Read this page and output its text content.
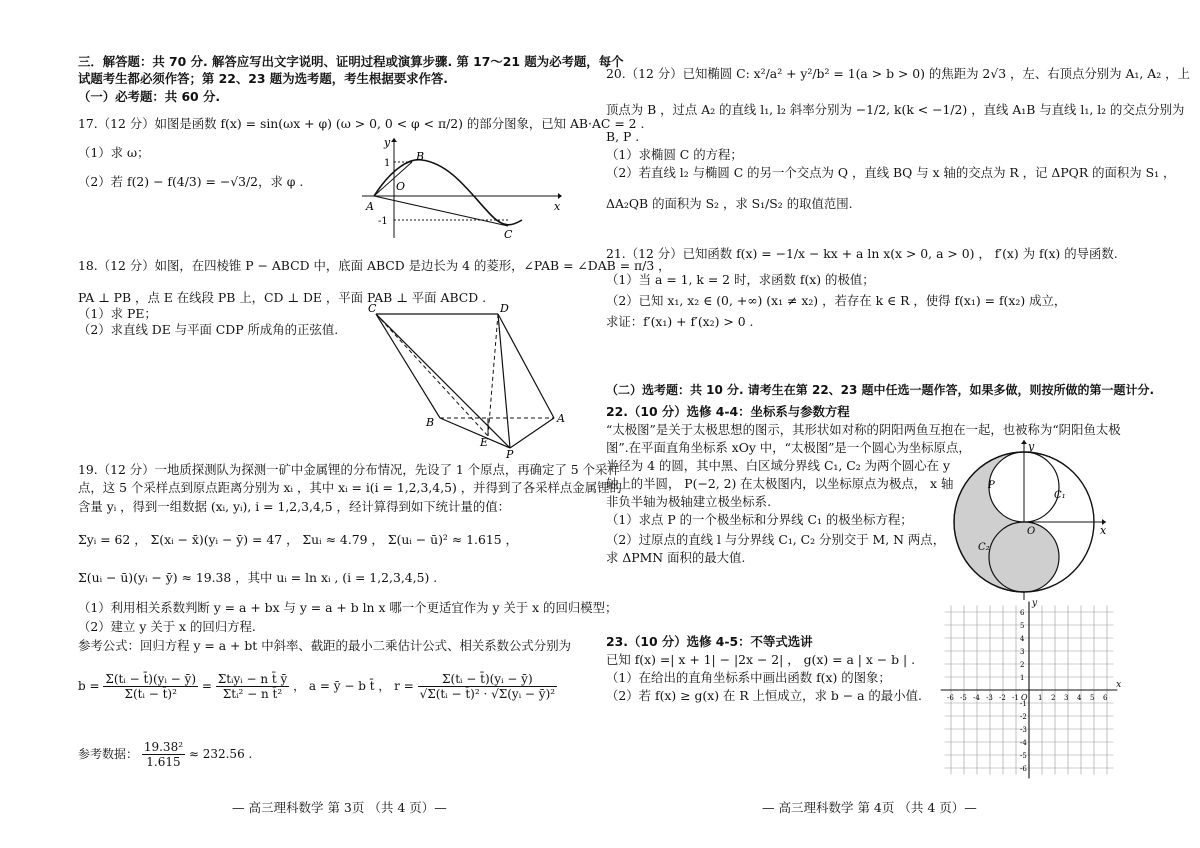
三．解答题：共 70 分. 解答应写出文字说明、证明过程或演算步骤. 第 17～21 题为必考题，每个
试题考生都必须作答；第 22、23 题为选考题，考生根据要求作答.
（一）必考题：共 60 分.
17.（12 分）如图是函数 f(x) = sin(ωx + φ) (ω > 0, 0 < φ < π/2) 的部分图象，已知 AB·AC = 2 .
（1）求 ω；
（2）若 f(2) − f(4/3) = −√3/2，求 φ .
B
O
A
C
1
-1
x
y
18.（12 分）如图，在四棱锥 P − ABCD 中，底面 ABCD 是边长为 4 的菱形，∠PAB = ∠DAB = π/3 ，
PA ⊥ PB ，点 E 在线段 PB 上，CD ⊥ DE ，平面 PAB ⊥ 平面 ABCD .
（1）求 PE；
（2）求直线 DE 与平面 CDP 所成角的正弦值.
C	D
B	A
E
P
19.（12 分）一地质探测队为探测一矿中金属锂的分布情况，先设了 1 个原点，再确定了 5 个采样
点，这 5 个采样点到原点距离分别为 xᵢ ，其中 xᵢ = i(i = 1,2,3,4,5) ，并得到了各采样点金属锂的
含量 yᵢ ，得到一组数据 (xᵢ, yᵢ), i = 1,2,3,4,5 ，经计算得到如下统计量的值：
Σyᵢ = 62 ， Σ(xᵢ − x̄)(yᵢ − ȳ) = 47 ， Σuᵢ ≈ 4.79 ， Σ(uᵢ − ū)² ≈ 1.615 ，
Σ(uᵢ − ū)(yᵢ − ȳ) ≈ 19.38 ，其中 uᵢ = ln xᵢ , (i = 1,2,3,4,5) .
（1）利用相关系数判断 y = a + bx 与 y = a + b ln x 哪一个更适宜作为 y 关于 x 的回归模型；
（2）建立 y 关于 x 的回归方程.
参考公式：回归方程 y = a + bt 中斜率、截距的最小二乘估计公式、相关系数公式分别为
$b = \frac{\text{Σ(tᵢ − t̄)(yᵢ − ȳ)}}{\text{Σ(tᵢ − t̄)²}} = \frac{\text{Σtᵢyᵢ − n t̄ ȳ}}{\text{Σtᵢ² − n t̄²}}$ ， a = ȳ − b t̄ ， $r = \frac{\text{Σ(tᵢ − t̄)(yᵢ − ȳ)}}{\text{√Σ(tᵢ − t̄)² · √Σ(yᵢ − ȳ)²}}$
参考数据： $\frac{\text{19.38²}}{1.615} \approx 232.56$ .
— 高三理科数学 第 3页 （共 4 页）—
20.（12 分）已知椭圆 C: x²/a² + y²/b² = 1(a > b > 0) 的焦距为 2√3 ，左、右顶点分别为 A₁, A₂ ，上
顶点为 B ，过点 A₂ 的直线 l₁, l₂ 斜率分别为 −1/2, k(k < −1/2) ，直线 A₁B 与直线 l₁, l₂ 的交点分别为
B, P .
（1）求椭圆 C 的方程；
（2）若直线 l₂ 与椭圆 C 的另一个交点为 Q ，直线 BQ 与 x 轴的交点为 R ，记 ΔPQR 的面积为 S₁ ，
ΔA₂QB 的面积为 S₂ ，求 S₁/S₂ 的取值范围.
21.（12 分）已知函数 f(x) = −1/x − kx + a ln x(x > 0, a > 0) ， f′(x) 为 f(x) 的导函数.
（1）当 a = 1, k = 2 时，求函数 f(x) 的极值；
（2）已知 x₁, x₂ ∈ (0, +∞) (x₁ ≠ x₂) ，若存在 k ∈ R ，使得 f(x₁) = f(x₂) 成立，
求证：f′(x₁) + f′(x₂) > 0 .
（二）选考题：共 10 分. 请考生在第 22、23 题中任选一题作答，如果多做，则按所做的第一题计分.
22.（10 分）选修 4-4：坐标系与参数方程
“太极图”是关于太极思想的图示，其形状如对称的阴阳两鱼互抱在一起，也被称为“阴阳鱼太极
图”.在平面直角坐标系 xOy 中，“太极图”是一个圆心为坐标原点，
半径为 4 的圆，其中黑、白区域分界线 C₁, C₂ 为两个圆心在 y
轴上的半圆， P(−2, 2) 在太极图内，以坐标原点为极点， x 轴
非负半轴为极轴建立极坐标系.
（1）求点 P 的一个极坐标和分界线 C₁ 的极坐标方程；
（2）过原点的直线 l 与分界线 C₁, C₂ 分别交于 M, N 两点，
求 ΔPMN 面积的最大值.
y
x
O
P
C₁
C₂
23.（10 分）选修 4-5：不等式选讲
已知 f(x) =| x + 1| − |2x − 2| ， g(x) = a | x − b | .
（1）在给出的直角坐标系中画出函数 f(x) 的图象；
（2）若 f(x) ≥ g(x) 在 R 上恒成立，求 b − a 的最小值.	-6 -5 -4 -3 -2 -1	1 2 3 4 5 6
6
5
4
3
2
1
-1
-2
-3
-4
-5
-6
O
x
y
— 高三理科数学 第 4页 （共 4 页）—
